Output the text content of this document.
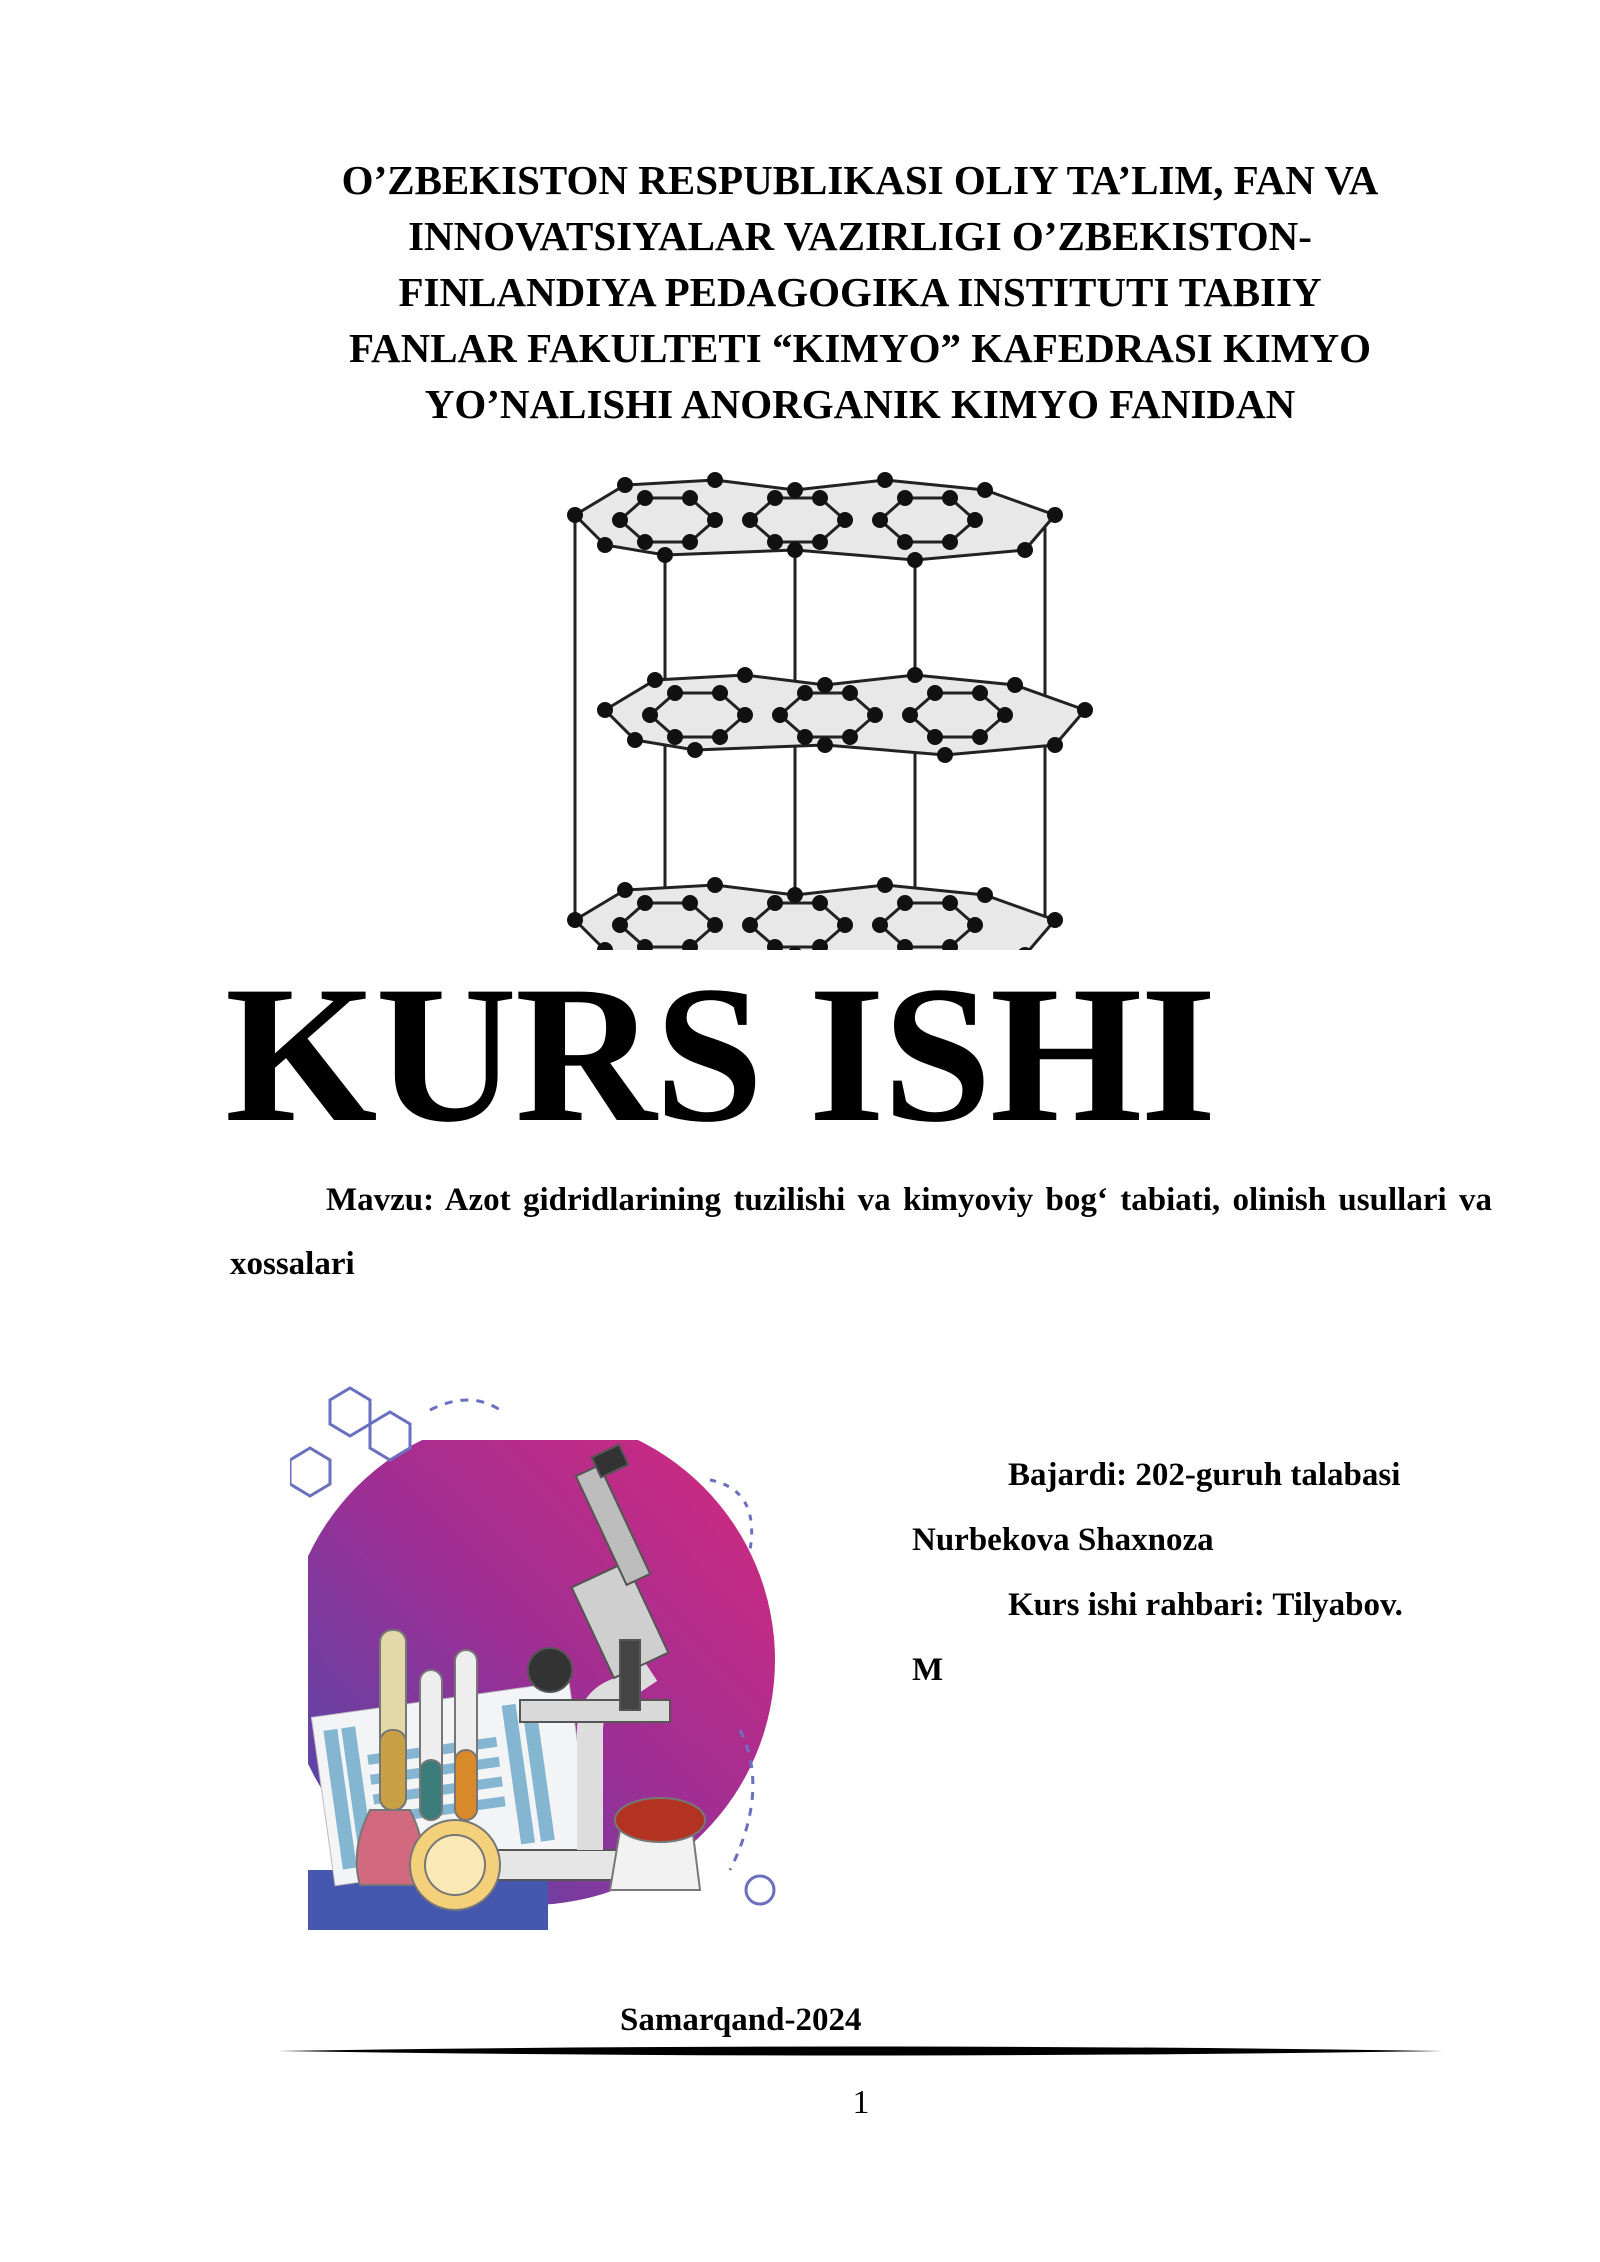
O’ZBEKISTON RESPUBLIKASI OLIY TA’LIM, FAN VA
INNOVATSIYALAR VAZIRLIGI O’ZBEKISTON-
FINLANDIYA PEDAGOGIKA INSTITUTI TABIIY
FANLAR FAKULTETI “KIMYO” KAFEDRASI KIMYO
YO’NALISHI ANORGANIK KIMYO FANIDAN
KURS ISHI

Mavzu: Azot gidridlarining tuzilishi va kimyoviy bog‘ tabiati, olinish usullari va xossalari

Bajardi: 202-guruh talabasi
Nurbekova Shaxnoza
Kurs ishi rahbari: Tilyabov.
M

Samarqand-2024

1
